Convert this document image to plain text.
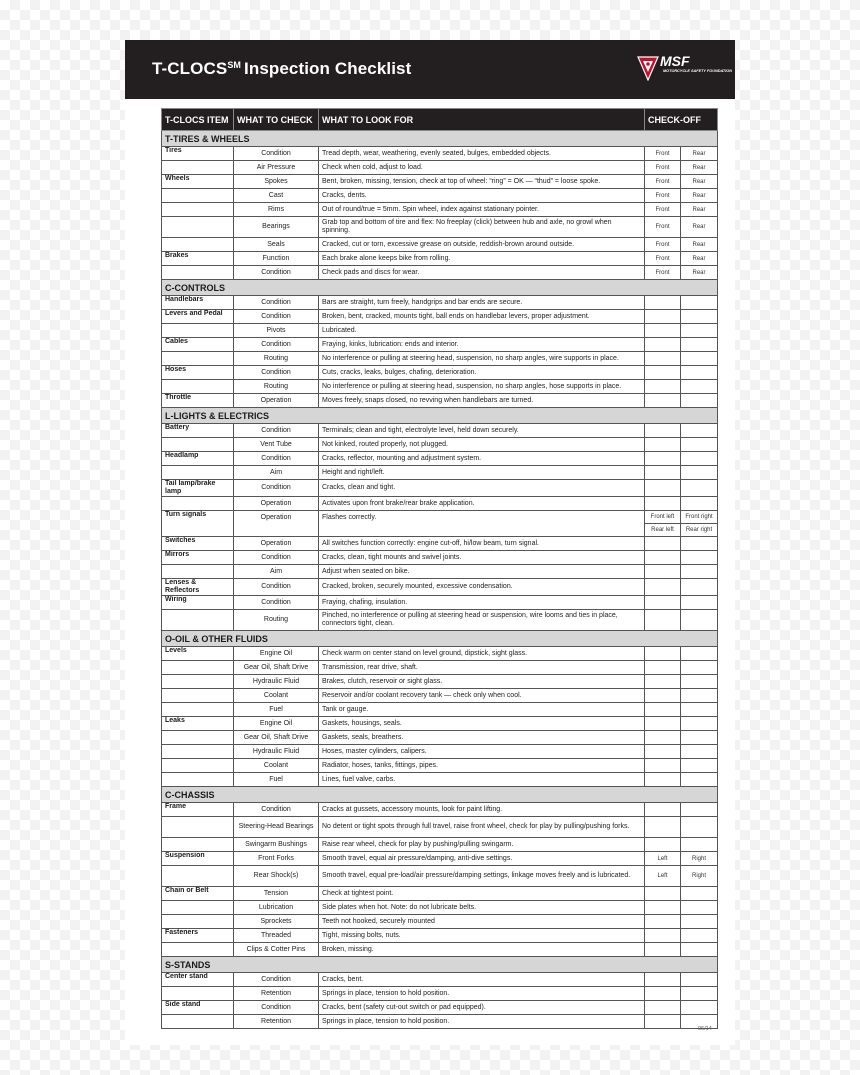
T-CLOCS℠ Inspection Checklist	MSF
MOTORCYCLE SAFETY FOUNDATION
T-CLOCS ITEM	WHAT TO CHECK	WHAT TO LOOK FOR	CHECK-OFF	
T-TIRES & WHEELS				
Tires	Condition	Tread depth, wear, weathering, evenly seated, bulges, embedded objects.	Front	Rear
	Air Pressure	Check when cold, adjust to load.	Front	Rear
Wheels	Spokes	Bent, broken, missing, tension, check at top of wheel: “ring” = OK — “thud” = loose spoke.	Front	Rear
	Cast	Cracks, dents.	Front	Rear
	Rims	Out of round/true = 5mm. Spin wheel, index against stationary pointer.	Front	Rear
	Bearings	Grab top and bottom of tire and flex: No freeplay (click) between hub and axle, no growl when spinning.	Front	Rear
	Seals	Cracked, cut or torn, excessive grease on outside, reddish-brown around outside.	Front	Rear
Brakes	Function	Each brake alone keeps bike from rolling.	Front	Rear
	Condition	Check pads and discs for wear.	Front	Rear
C-CONTROLS				
Handlebars	Condition	Bars are straight, turn freely, handgrips and bar ends are secure.		
Levers and Pedal	Condition	Broken, bent, cracked, mounts tight, ball ends on handlebar levers, proper adjustment.		
	Pivots	Lubricated.		
Cables	Condition	Fraying, kinks, lubrication: ends and interior.		
	Routing	No interference or pulling at steering head, suspension, no sharp angles, wire supports in place.		
Hoses	Condition	Cuts, cracks, leaks, bulges, chafing, deterioration.		
	Routing	No interference or pulling at steering head, suspension, no sharp angles, hose supports in place.		
Throttle	Operation	Moves freely, snaps closed, no revving when handlebars are turned.		
L-LIGHTS & ELECTRICS				
Battery	Condition	Terminals; clean and tight, electrolyte level, held down securely.		
	Vent Tube	Not kinked, routed properly, not plugged.		
Headlamp	Condition	Cracks, reflector, mounting and adjustment system.		
	Aim	Height and right/left.		
Tail lamp/brake lamp	Condition	Cracks, clean and tight.		
	Operation	Activates upon front brake/rear brake application.		
Turn signals	Operation	Flashes correctly.	Front left	Front right
			Rear left	Rear right
Switches	Operation	All switches function correctly: engine cut-off, hi/low beam, turn signal.		
Mirrors	Condition	Cracks, clean, tight mounts and swivel joints.		
	Aim	Adjust when seated on bike.		
Lenses & Reflectors	Condition	Cracked, broken, securely mounted, excessive condensation.		
Wiring	Condition	Fraying, chafing, insulation.		
	Routing	Pinched, no interference or pulling at steering head or suspension, wire looms and ties in place, connectors tight, clean.		
O-OIL & OTHER FLUIDS				
Levels	Engine Oil	Check warm on center stand on level ground, dipstick, sight glass.		
	Gear Oil, Shaft Drive	Transmission, rear drive, shaft.		
	Hydraulic Fluid	Brakes, clutch, reservoir or sight glass.		
	Coolant	Reservoir and/or coolant recovery tank — check only when cool.		
	Fuel	Tank or gauge.		
Leaks	Engine Oil	Gaskets, housings, seals.		
	Gear Oil, Shaft Drive	Gaskets, seals, breathers.		
	Hydraulic Fluid	Hoses, master cylinders, calipers.		
	Coolant	Radiator, hoses, tanks, fittings, pipes.		
	Fuel	Lines, fuel valve, carbs.		
C-CHASSIS				
Frame	Condition	Cracks at gussets, accessory mounts, look for paint lifting.		
	Steering-Head Bearings	No detent or tight spots through full travel, raise front wheel, check for play by pulling/pushing forks.		
	Swingarm Bushings	Raise rear wheel, check for play by pushing/pulling swingarm.		
Suspension	Front Forks	Smooth travel, equal air pressure/damping, anti-dive settings.	Left	Right
	Rear Shock(s)	Smooth travel, equal pre-load/air pressure/damping settings, linkage moves freely and is lubricated.	Left	Right
Chain or Belt	Tension	Check at tightest point.		
	Lubrication	Side plates when hot. Note: do not lubricate belts.		
	Sprockets	Teeth not hooked, securely mounted		
Fasteners	Threaded	Tight, missing bolts, nuts.		
	Clips & Cotter Pins	Broken, missing.		
S-STANDS				
Center stand	Condition	Cracks, bent.		
	Retention	Springs in place, tension to hold position.		
Side stand	Condition	Cracks, bent (safety cut-out switch or pad equipped).		
	Retention	Springs in place, tension to hold position.		
06/14
